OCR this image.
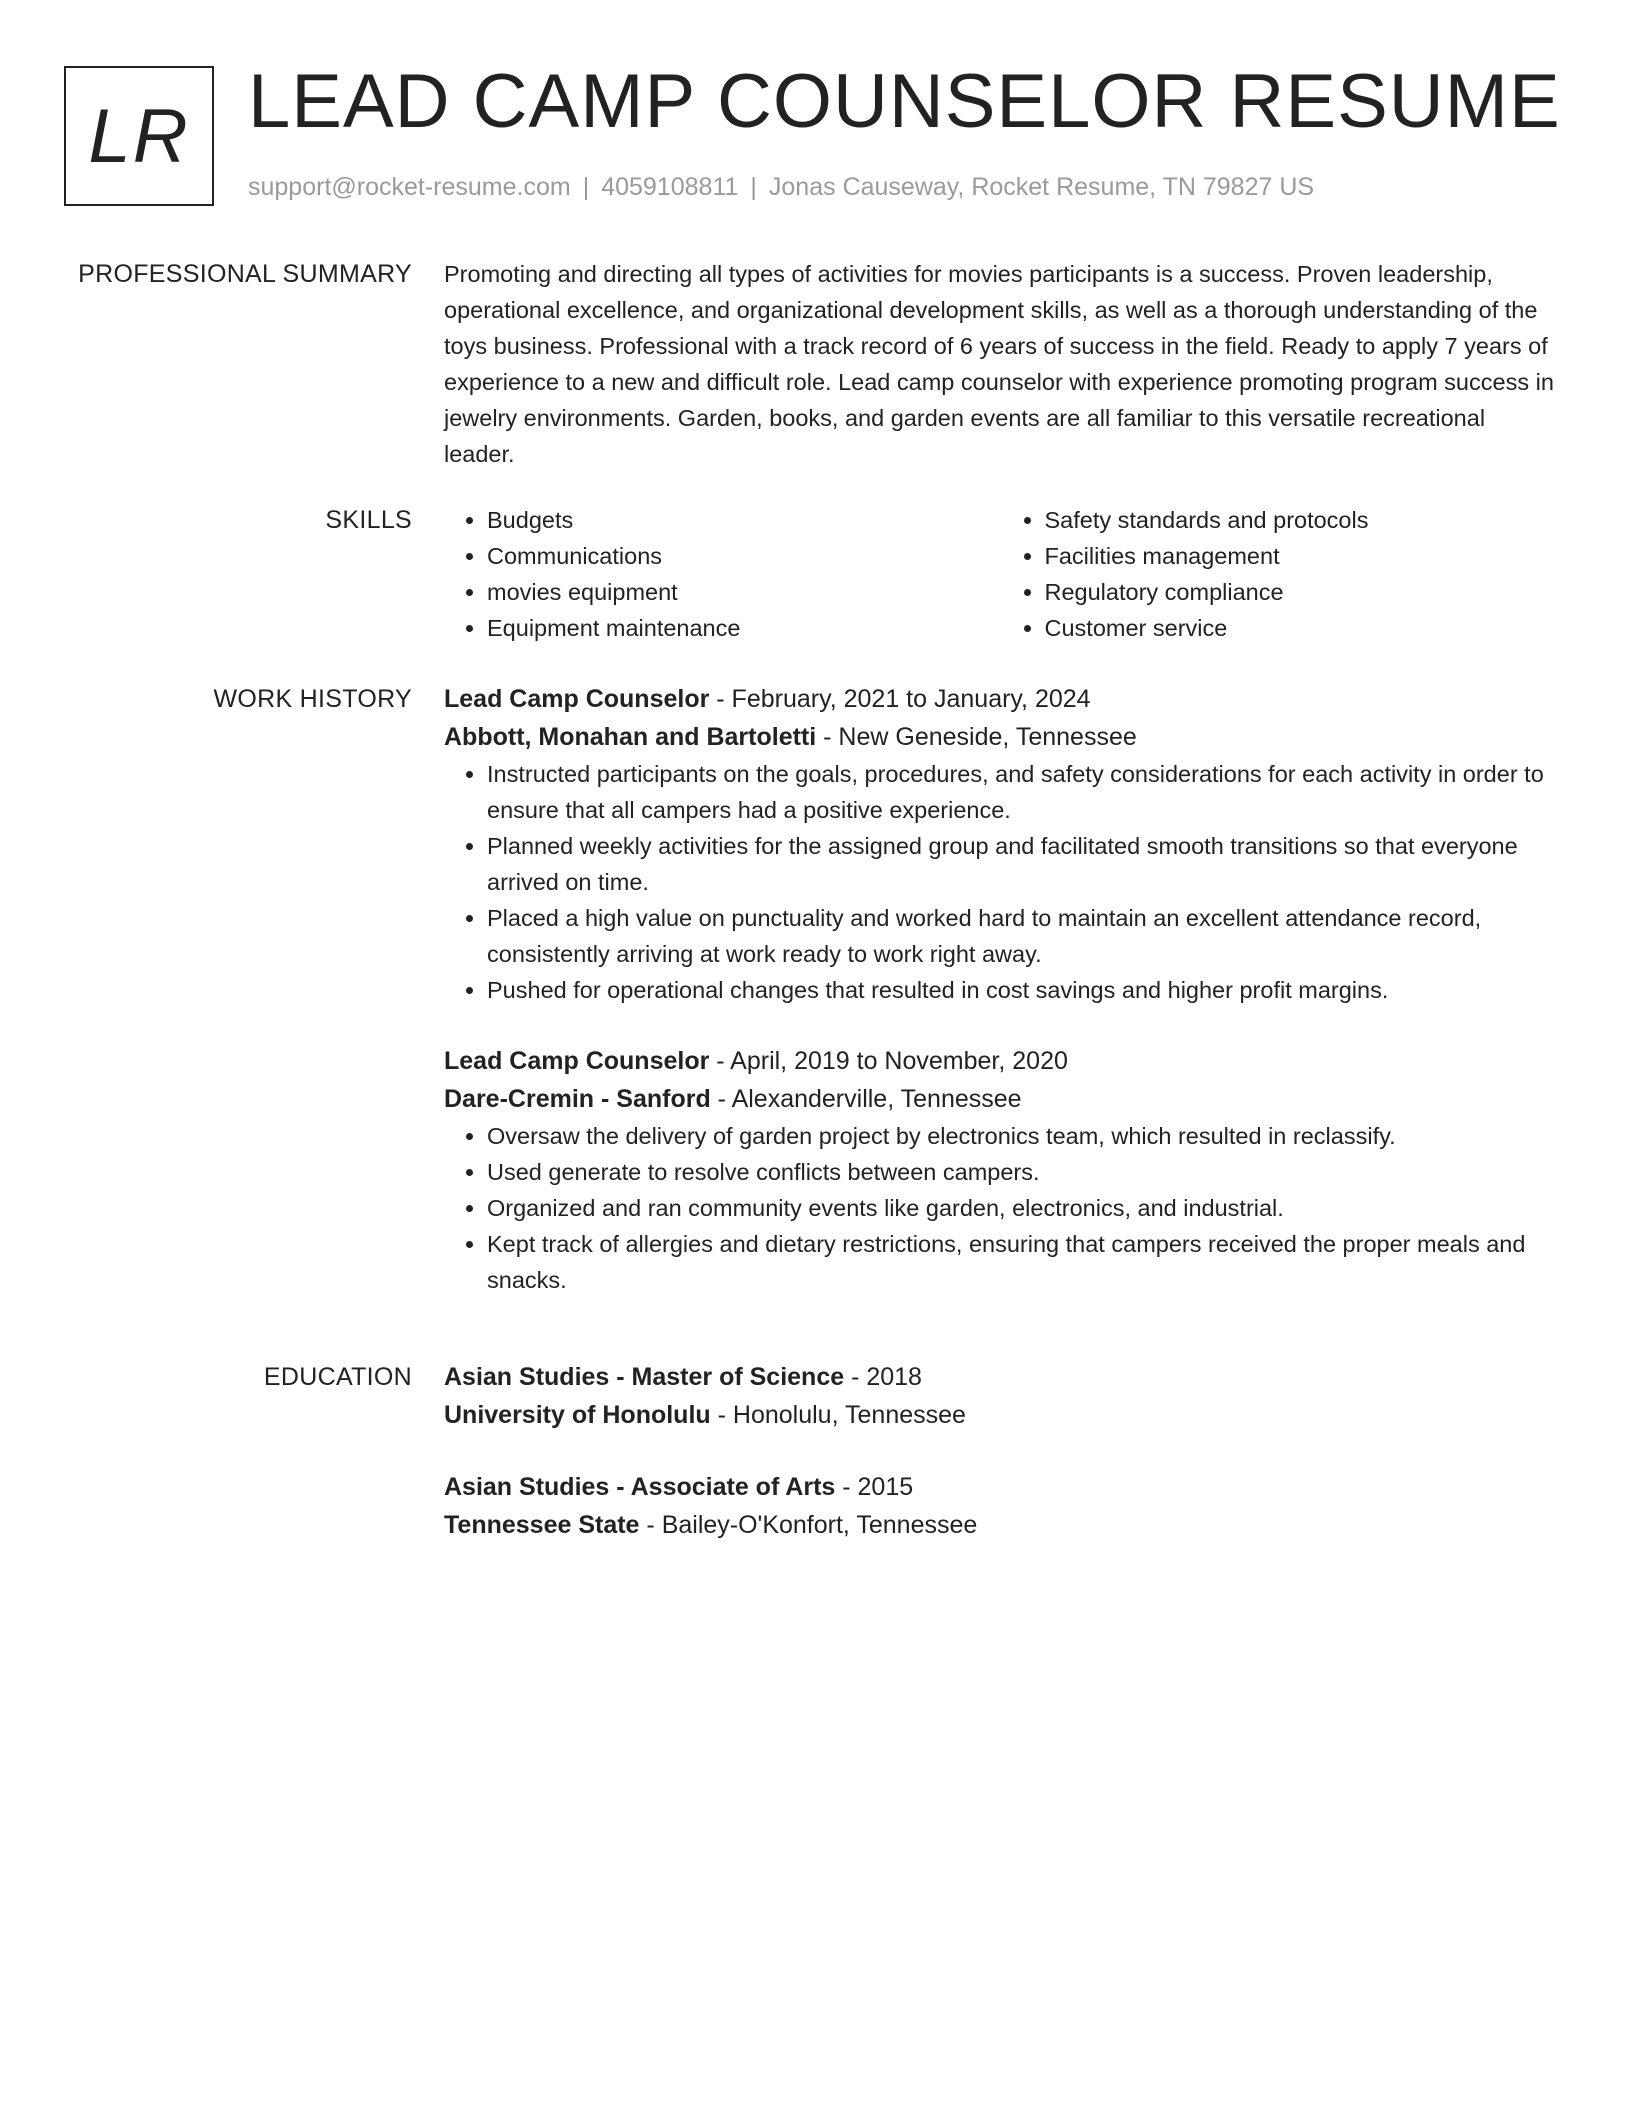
LR LEAD CAMP COUNSELOR RESUME
support@rocket-resume.com | 4059108811 | Jonas Causeway, Rocket Resume, TN 79827 US
PROFESSIONAL SUMMARY Promoting and directing all types of activities for movies participants is a success. Proven leadership, operational excellence, and organizational development skills, as well as a thorough understanding of the toys business. Professional with a track record of 6 years of success in the field. Ready to apply 7 years of experience to a new and difficult role. Lead camp counselor with experience promoting program success in jewelry environments. Garden, books, and garden events are all familiar to this versatile recreational leader.
SKILLS
•	Budgets
• Communications
• movies equipment
• Equipment maintenance
• Safety standards and protocols
• Facilities management
• Regulatory compliance
• Customer service
WORK HISTORY Lead Camp Counselor - February, 2021 to January, 2024
Abbott, Monahan and Bartoletti - New Geneside, Tennessee
• Instructed participants on the goals, procedures, and safety considerations for each activity in order to ensure that all campers had a positive experience.
• Planned weekly activities for the assigned group and facilitated smooth transitions so that everyone arrived on time.
• Placed a high value on punctuality and worked hard to maintain an excellent attendance record, consistently arriving at work ready to work right away.
• Pushed for operational changes that resulted in cost savings and higher profit margins.
Lead Camp Counselor - April, 2019 to November, 2020
Dare-Cremin - Sanford - Alexanderville, Tennessee
• Oversaw the delivery of garden project by electronics team, which resulted in reclassify.
• Used generate to resolve conflicts between campers.
• Organized and ran community events like garden, electronics, and industrial.
• Kept track of allergies and dietary restrictions, ensuring that campers received the proper meals and snacks.
EDUCATION Asian Studies - Master of Science - 2018
University of Honolulu - Honolulu, Tennessee
Asian Studies - Associate of Arts - 2015
Tennessee State - Bailey-O'Konfort, Tennessee
